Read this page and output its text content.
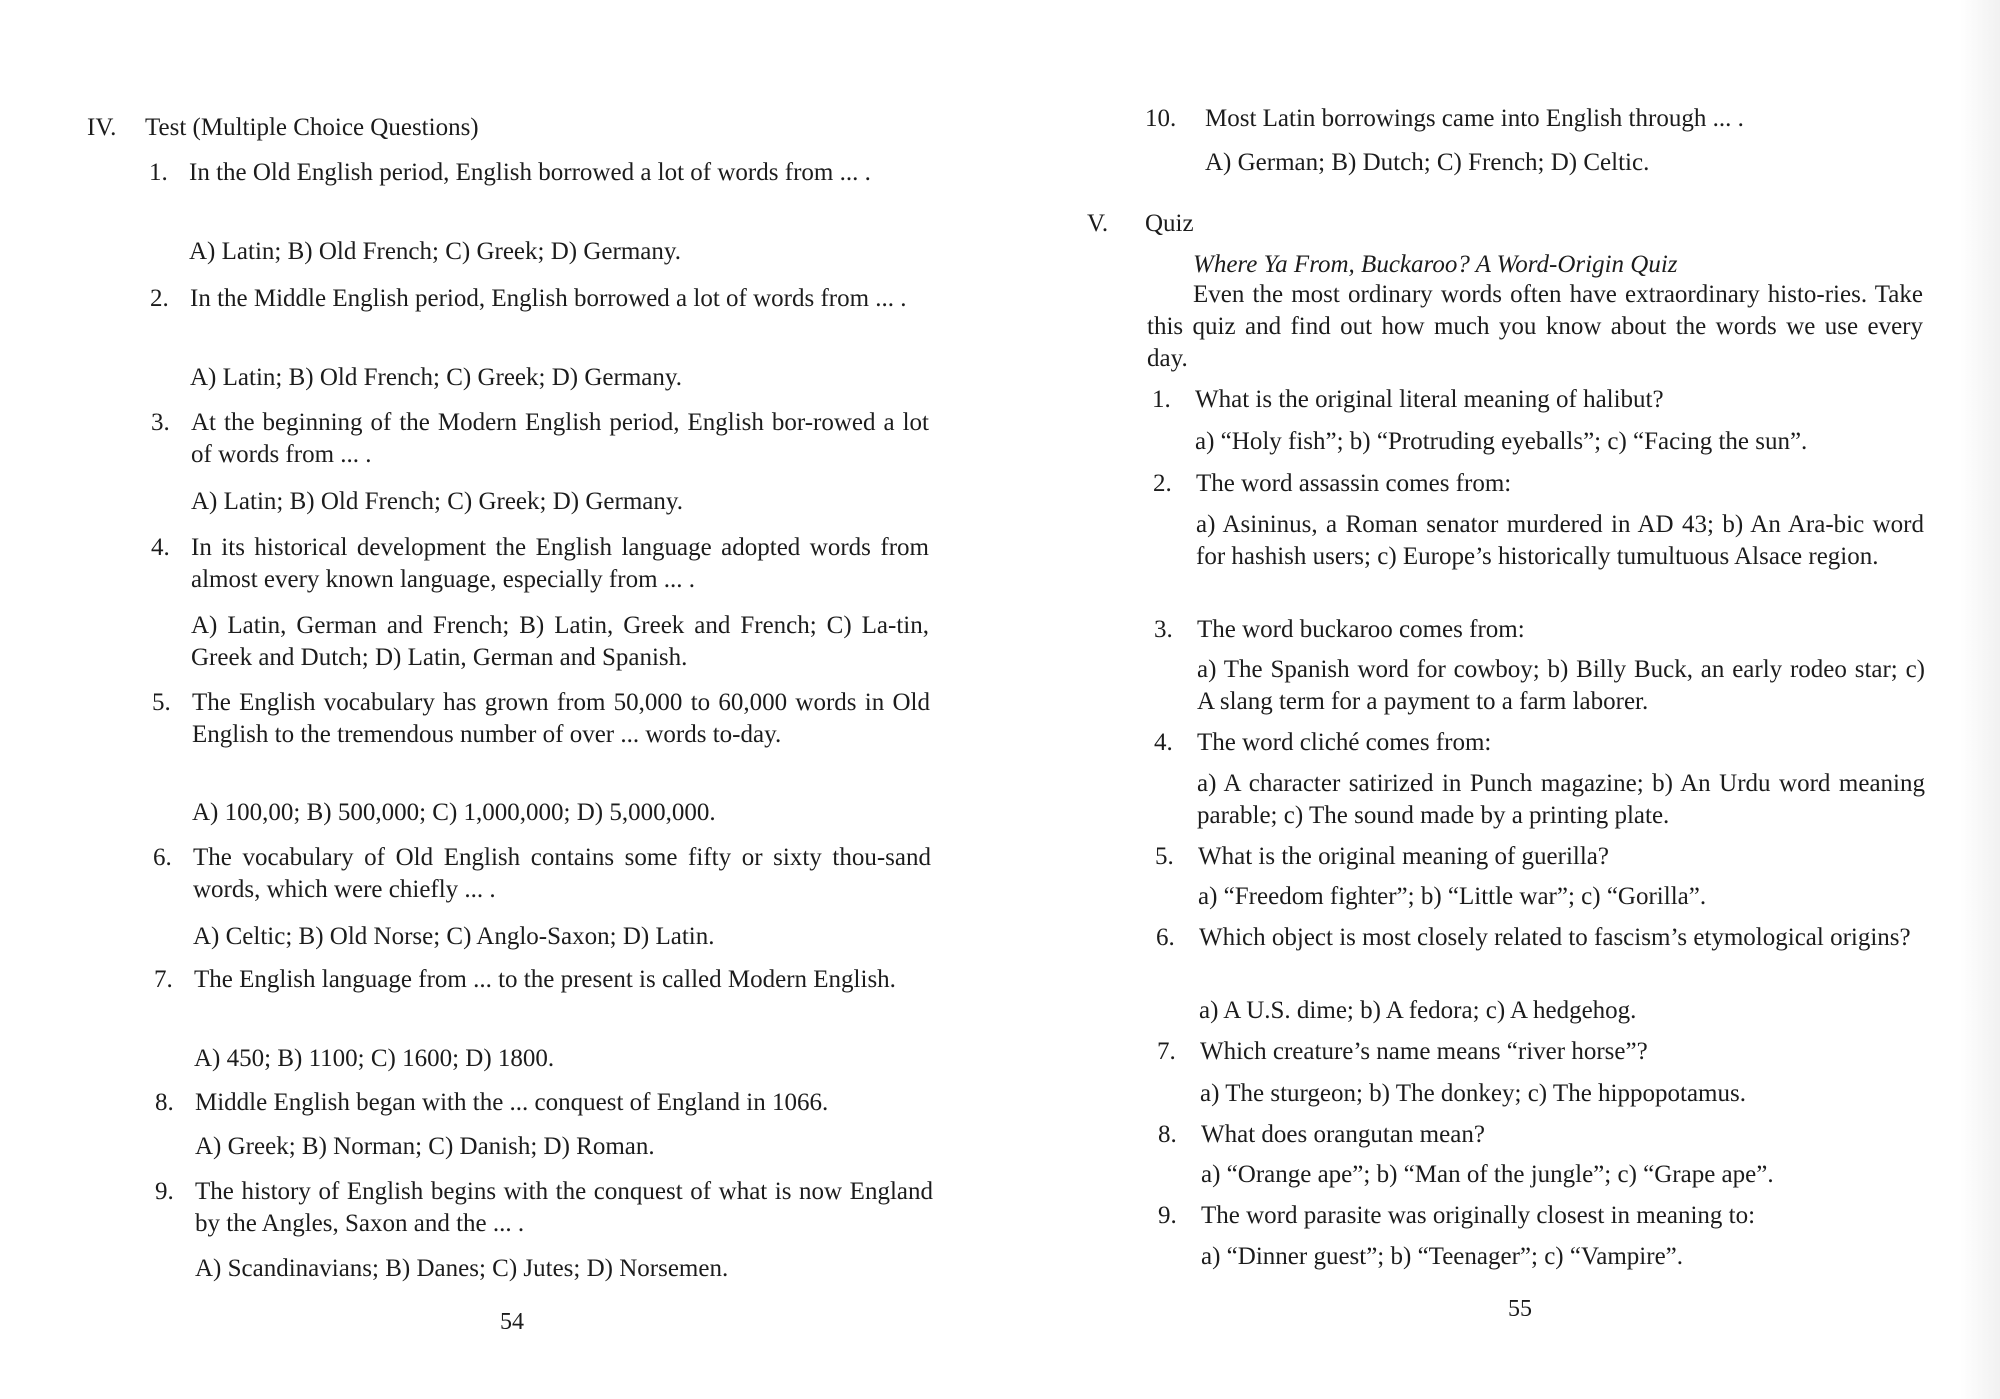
IV. Test (Multiple Choice Questions)
1. In the Old English period, English borrowed a lot of words from ... .
A) Latin; B) Old French; C) Greek; D) Germany.
2. In the Middle English period, English borrowed a lot of words from ... .
A) Latin; B) Old French; C) Greek; D) Germany.
3. At the beginning of the Modern English period, English bor-rowed a lot of words from ... .
A) Latin; B) Old French; C) Greek; D) Germany.
4. In its historical development the English language adopted words from almost every known language, especially from ... .
A) Latin, German and French; B) Latin, Greek and French; C) La-tin, Greek and Dutch; D) Latin, German and Spanish.
5. The English vocabulary has grown from 50,000 to 60,000 words in Old English to the tremendous number of over ... words to-day.
A) 100,00; B) 500,000; C) 1,000,000; D) 5,000,000.
6. The vocabulary of Old English contains some fifty or sixty thou-sand words, which were chiefly ... .
A) Celtic; B) Old Norse; C) Anglo-Saxon; D) Latin.
7. The English language from ... to the present is called Modern English.
A) 450; B) 1100; C) 1600; D) 1800.
8. Middle English began with the ... conquest of England in 1066.
A) Greek; B) Norman; C) Danish; D) Roman.
9. The history of English begins with the conquest of what is now England by the Angles, Saxon and the ... .
A) Scandinavians; B) Danes; C) Jutes; D) Norsemen.
54
10. Most Latin borrowings came into English through ... .
A) German; B) Dutch; C) French; D) Celtic.
V. Quiz
Where Ya From, Buckaroo? A Word-Origin Quiz
Even the most ordinary words often have extraordinary histo-ries. Take this quiz and find out how much you know about the words we use every day.
1. What is the original literal meaning of halibut?
a) “Holy fish”; b) “Protruding eyeballs”; c) “Facing the sun”.
2. The word assassin comes from:
a) Asininus, a Roman senator murdered in AD 43; b) An Ara-bic word for hashish users; c) Europe’s historically tumultuous Alsace region.
3. The word buckaroo comes from:
a) The Spanish word for cowboy; b) Billy Buck, an early rodeo star; c) A slang term for a payment to a farm laborer.
4. The word cliché comes from:
a) A character satirized in Punch magazine; b) An Urdu word meaning parable; c) The sound made by a printing plate.
5. What is the original meaning of guerilla?
a) “Freedom fighter”; b) “Little war”; c) “Gorilla”.
6. Which object is most closely related to fascism’s etymological origins?
a) A U.S. dime; b) A fedora; c) A hedgehog.
7. Which creature’s name means “river horse”?
a) The sturgeon; b) The donkey; c) The hippopotamus.
8. What does orangutan mean?
a) “Orange ape”; b) “Man of the jungle”; c) “Grape ape”.
9. The word parasite was originally closest in meaning to:
a) “Dinner guest”; b) “Teenager”; c) “Vampire”.
55
